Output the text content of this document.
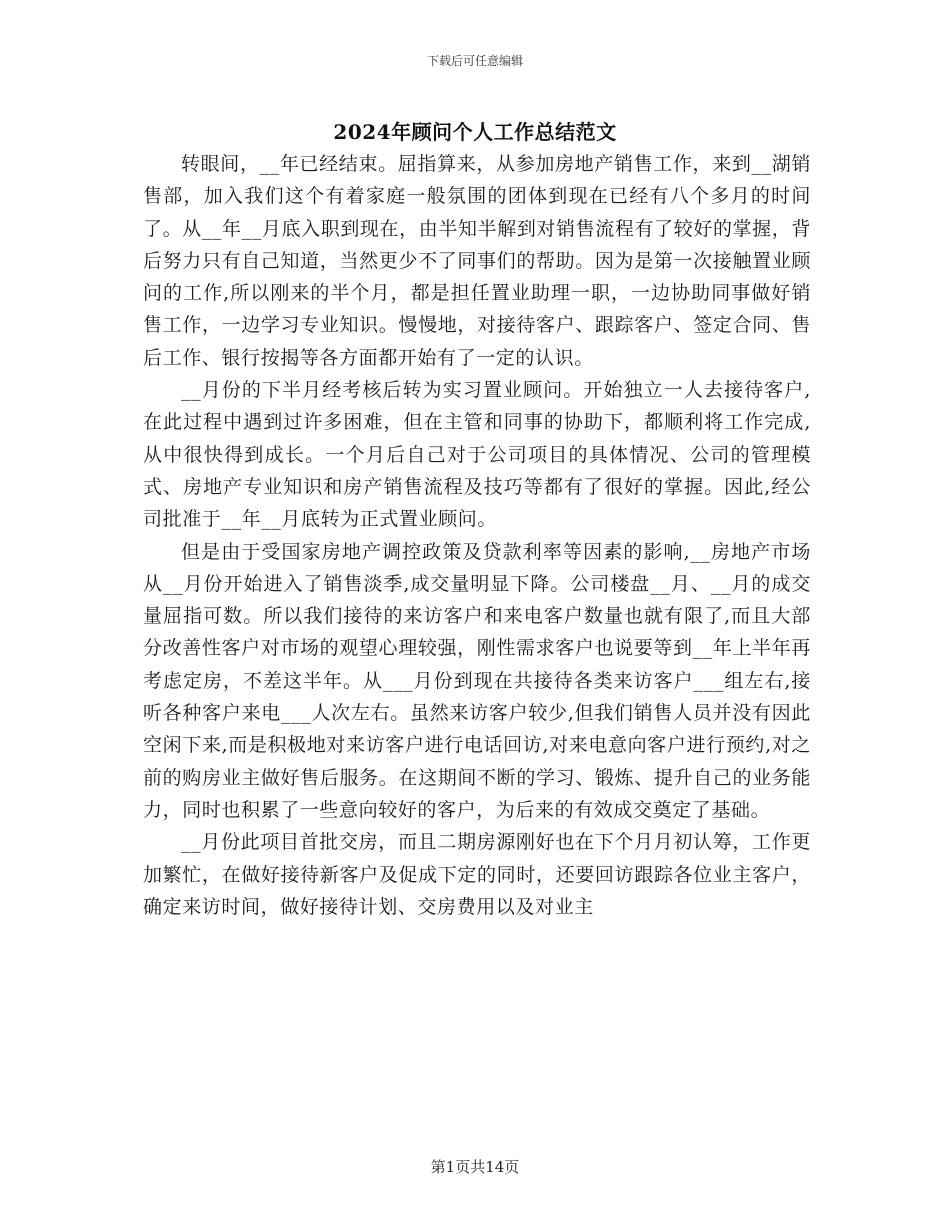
下载后可任意编辑
2024年顾问个人工作总结范文

转眼间，__年已经结束。屈指算来，从参加房地产销售工作，来到__湖销售部，加入我们这个有着家庭一般氛围的团体到现在已经有八个多月的时间了。从__年__月底入职到现在，由半知半解到对销售流程有了较好的掌握，背后努力只有自己知道，当然更少不了同事们的帮助。因为是第一次接触置业顾问的工作,所以刚来的半个月，都是担任置业助理一职，一边协助同事做好销售工作，一边学习专业知识。慢慢地，对接待客户、跟踪客户、签定合同、售后工作、银行按揭等各方面都开始有了一定的认识。

__月份的下半月经考核后转为实习置业顾问。开始独立一人去接待客户,在此过程中遇到过许多困难，但在主管和同事的协助下，都顺利将工作完成,从中很快得到成长。一个月后自己对于公司项目的具体情况、公司的管理模式、房地产专业知识和房产销售流程及技巧等都有了很好的掌握。因此,经公司批准于__年__月底转为正式置业顾问。

但是由于受国家房地产调控政策及贷款利率等因素的影响,__房地产市场从__月份开始进入了销售淡季,成交量明显下降。公司楼盘__月、__月的成交量屈指可数。所以我们接待的来访客户和来电客户数量也就有限了,而且大部分改善性客户对市场的观望心理较强，刚性需求客户也说要等到__年上半年再考虑定房，不差这半年。从___月份到现在共接待各类来访客户___组左右,接听各种客户来电___人次左右。虽然来访客户较少,但我们销售人员并没有因此空闲下来,而是积极地对来访客户进行电话回访,对来电意向客户进行预约,对之前的购房业主做好售后服务。在这期间不断的学习、锻炼、提升自己的业务能力，同时也积累了一些意向较好的客户，为后来的有效成交奠定了基础。

__月份此项目首批交房，而且二期房源刚好也在下个月月初认筹，工作更加繁忙，在做好接待新客户及促成下定的同时，还要回访跟踪各位业主客户，确定来访时间，做好接待计划、交房费用以及对业主

第1页共14页
